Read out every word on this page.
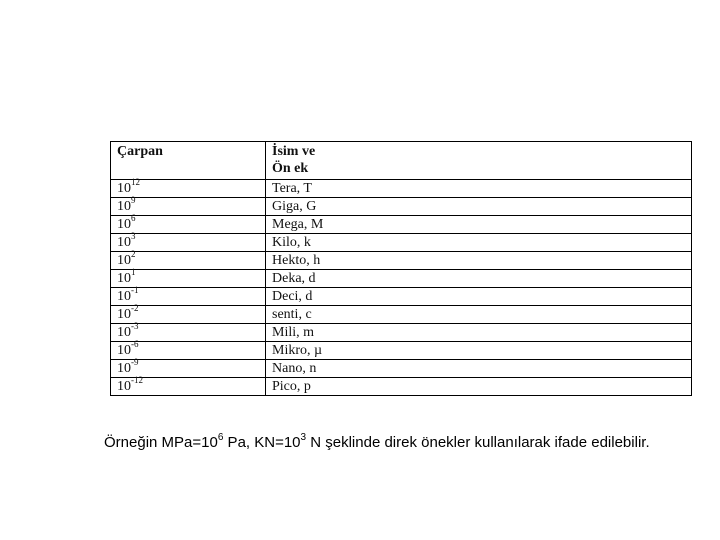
Çarpan	İsim ve
Ön ek
$10^{12}$	Tera, T
$10^9$	Giga, G
$10^6$	Mega, M
$10^3$	Kilo, k
$10^2$	Hekto, h
$10^1$	Deka, d
$10^{-1}$	Deci, d
$10^{-2}$	senti, c
$10^{-3}$	Mili, m
$10^{-6}$	Mikro, µ
$10^{-9}$	Nano, n
$10^{-12}$	Pico, p

Örneğin $MPa=10^6$ Pa, $KN=10^3$ N şeklinde direk önekler kullanılarak ifade edilebilir.
